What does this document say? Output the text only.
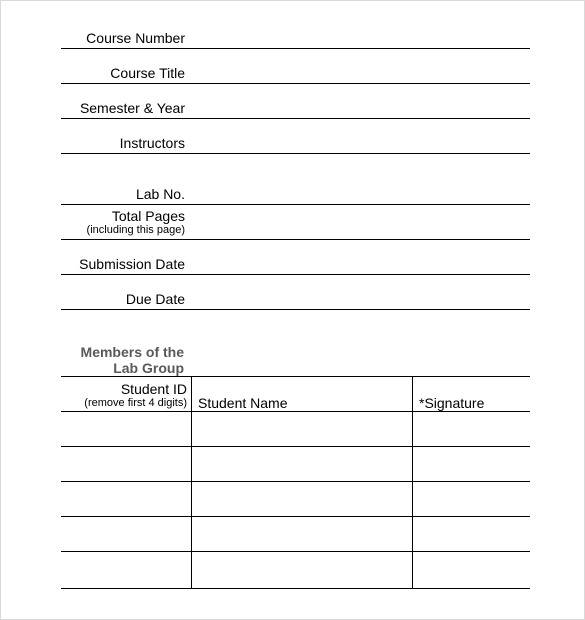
Course Number
Course Title
Semester & Year
Instructors
Lab No.
Total Pages
(including this page)
Submission Date
Due Date
Members of the
Lab Group
Student ID
(remove first 4 digits) Student Name	*Signature
